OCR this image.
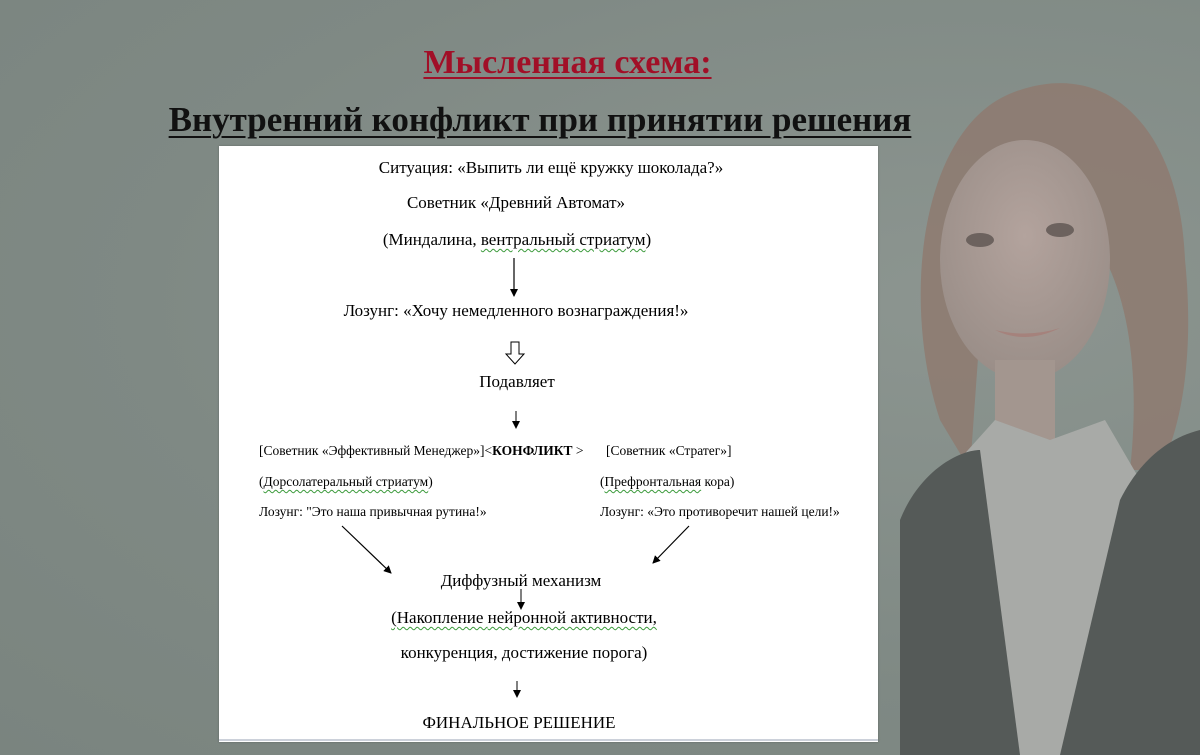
Мысленная схема:
Внутренний конфликт при принятии решения
Ситуация: «Выпить ли ещё кружку шоколада?»
Советник «Древний Автомат»
(Миндалина, вентральный стриатум)
Лозунг: «Хочу немедленного вознаграждения!»
Подавляет
[Советник «Эффективный Менеджер»]<КОНФЛИКТ > [Советник «Стратег»]
(Дорсолатеральный стриатум)	(Префронтальная кора)
Лозунг: "Это наша привычная рутина!»	Лозунг: «Это противоречит нашей цели!»
Диффузный механизм
(Накопление нейронной активности,
конкуренция, достижение порога)
ФИНАЛЬНОЕ РЕШЕНИЕ
